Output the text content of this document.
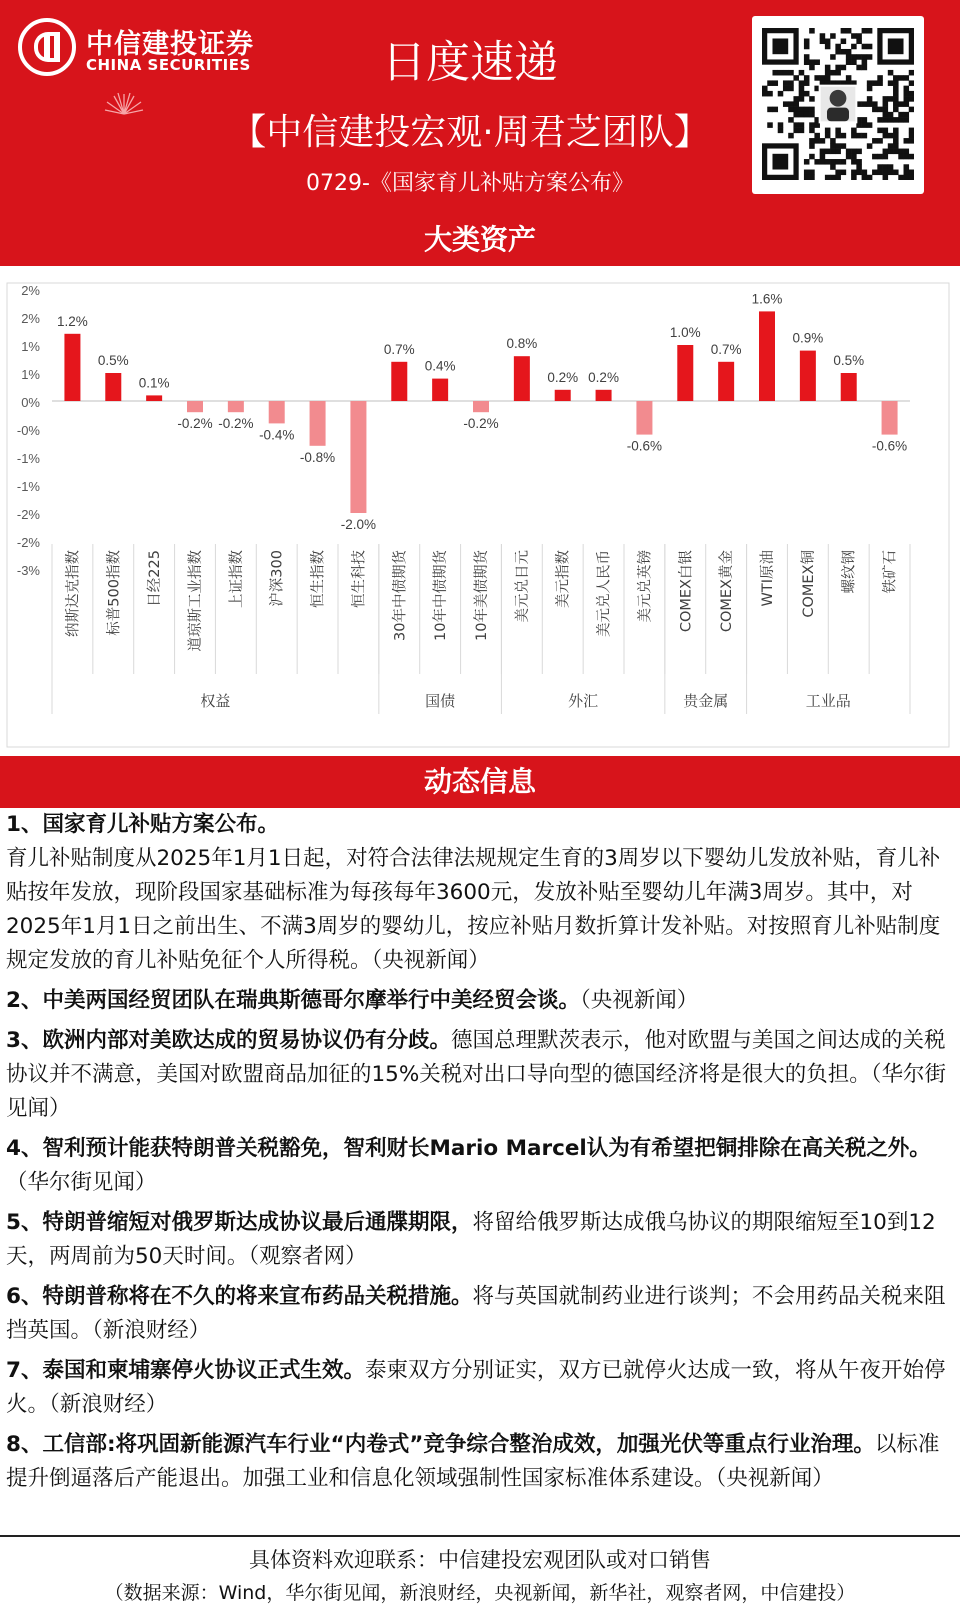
中信建投证券
CHINA SECURITIES	日度速递
【中信建投宏观·周君芝团队】
0729-《国家育儿补贴方案公布》
大类资产
2%
2%
1%
1%
0%
-0%
-1%
-1%
-2%
-2%
-3%
1.2%
0.5%
0.1%
-0.2% -0.2%
-0.4%
-0.8%
-2.0%
0.7%
0.4%
-0.2%
0.8%
0.2% 0.2%
-0.6%
1.0%
0.7%
1.6%
0.9%
0.5%
-0.6%
纳斯达克指数 标普500指数 日经225 道琼斯工业指数 上证指数 沪深300 恒生指数 恒生科技 30年中债期货 10年中债期货 10年美债期货 美元兑日元 美元指数 美元兑人民币 美元兑英镑 COMEX白银 COMEX黄金 WTI原油 COMEX铜 螺纹钢 铁矿石
权益	国债	外汇	贵金属	工业品
动态信息
1、国家育儿补贴方案公布。
育儿补贴制度从2025年1月1日起，对符合法律法规规定生育的3周岁以下婴幼儿发放补贴，育儿补贴按年发放，现阶段国家基础标准为每孩每年3600元，发放补贴至婴幼儿年满3周岁。其中，对2025年1月1日之前出生、不满3周岁的婴幼儿，按应补贴月数折算计发补贴。对按照育儿补贴制度规定发放的育儿补贴免征个人所得税。（央视新闻）
2、中美两国经贸团队在瑞典斯德哥尔摩举行中美经贸会谈。（央视新闻）
3、欧洲内部对美欧达成的贸易协议仍有分歧。德国总理默茨表示，他对欧盟与美国之间达成的关税协议并不满意，美国对欧盟商品加征的15%关税对出口导向型的德国经济将是很大的负担。（华尔街见闻）
4、智利预计能获特朗普关税豁免，智利财长Mario Marcel认为有希望把铜排除在高关税之外。（华尔街见闻）
5、特朗普缩短对俄罗斯达成协议最后通牒期限，将留给俄罗斯达成俄乌协议的期限缩短至10到12天，两周前为50天时间。（观察者网）
6、特朗普称将在不久的将来宣布药品关税措施。将与英国就制药业进行谈判；不会用药品关税来阻挡英国。（新浪财经）
7、泰国和柬埔寨停火协议正式生效。泰柬双方分别证实，双方已就停火达成一致，将从午夜开始停火。（新浪财经）
8、工信部:将巩固新能源汽车行业“内卷式”竞争综合整治成效，加强光伏等重点行业治理。以标准提升倒逼落后产能退出。加强工业和信息化领域强制性国家标准体系建设。（央视新闻）
具体资料欢迎联系：中信建投宏观团队或对口销售
（数据来源：Wind，华尔街见闻，新浪财经，央视新闻，新华社，观察者网，中信建投）
